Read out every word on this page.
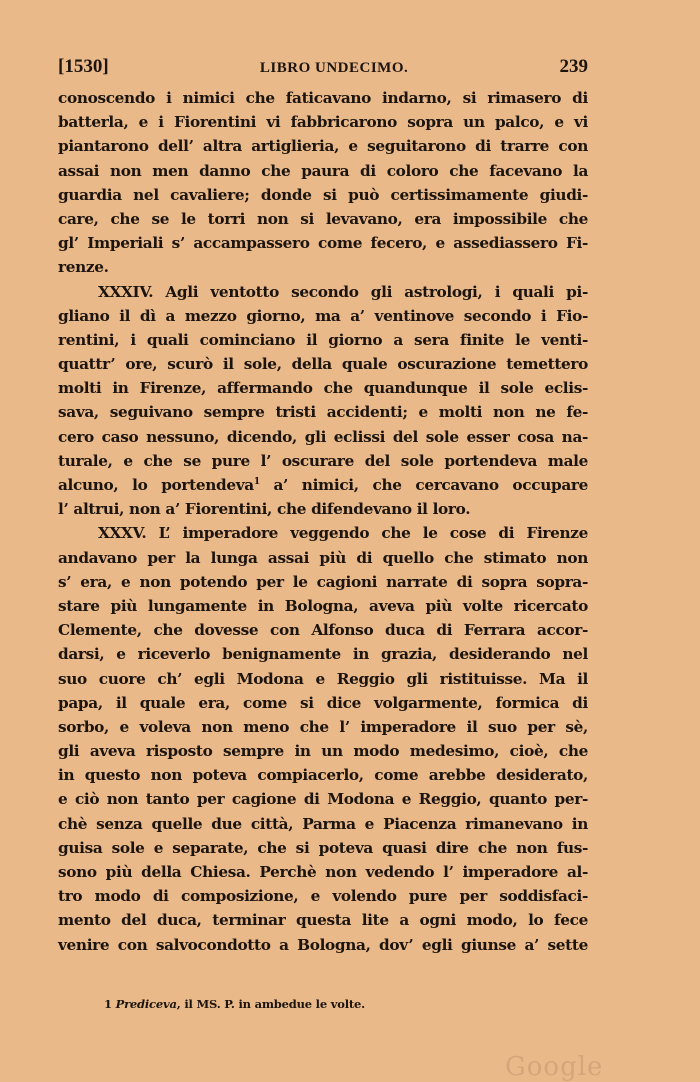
[1530]	LIBRO UNDECIMO.	239
conoscendo i nimici che faticavano indarno, si rimasero di
batterla, e i Fiorentini vi fabbricarono sopra un palco, e vi
piantarono dell’ altra artiglieria, e seguitarono di trarre con
assai non men danno che paura di coloro che facevano la
guardia nel cavaliere; donde si può certissimamente giudi-
care, che se le torri non si levavano, era impossibile che
gl’ Imperiali s’ accampassero come fecero, e assediassero Fi-
renze.
XXXIV. Agli ventotto secondo gli astrologi, i quali pi-
gliano il dì a mezzo giorno, ma a’ ventinove secondo i Fio-
rentini, i quali cominciano il giorno a sera finite le venti-
quattr’ ore, scurò il sole, della quale oscurazione temettero
molti in Firenze, affermando che quandunque il sole eclis-
sava, seguivano sempre tristi accidenti; e molti non ne fe-
cero caso nessuno, dicendo, gli eclissi del sole esser cosa na-
turale, e che se pure l’ oscurare del sole portendeva male
alcuno, lo portendeva$^1$ a’ nimici, che cercavano occupare
l’ altrui, non a’ Fiorentini, che difendevano il loro.
XXXV. L’ imperadore veggendo che le cose di Firenze
andavano per la lunga assai più di quello che stimato non
s’ era, e non potendo per le cagioni narrate di sopra sopra-
stare più lungamente in Bologna, aveva più volte ricercato
Clemente, che dovesse con Alfonso duca di Ferrara accor-
darsi, e riceverlo benignamente in grazia, desiderando nel
suo cuore ch’ egli Modona e Reggio gli ristituisse. Ma il
papa, il quale era, come si dice volgarmente, formica di
sorbo, e voleva non meno che l’ imperadore il suo per sè,
gli aveva risposto sempre in un modo medesimo, cioè, che
in questo non poteva compiacerlo, come arebbe desiderato,
e ciò non tanto per cagione di Modona e Reggio, quanto per-
chè senza quelle due città, Parma e Piacenza rimanevano in
guisa sole e separate, che si poteva quasi dire che non fus-
sono più della Chiesa. Perchè non vedendo l’ imperadore al-
tro modo di composizione, e volendo pure per soddisfaci-
mento del duca, terminar questa lite a ogni modo, lo fece
venire con salvocondotto a Bologna, dov’ egli giunse a’ sette
1 Prediceva, il MS. P. in ambedue le volte.
Google
